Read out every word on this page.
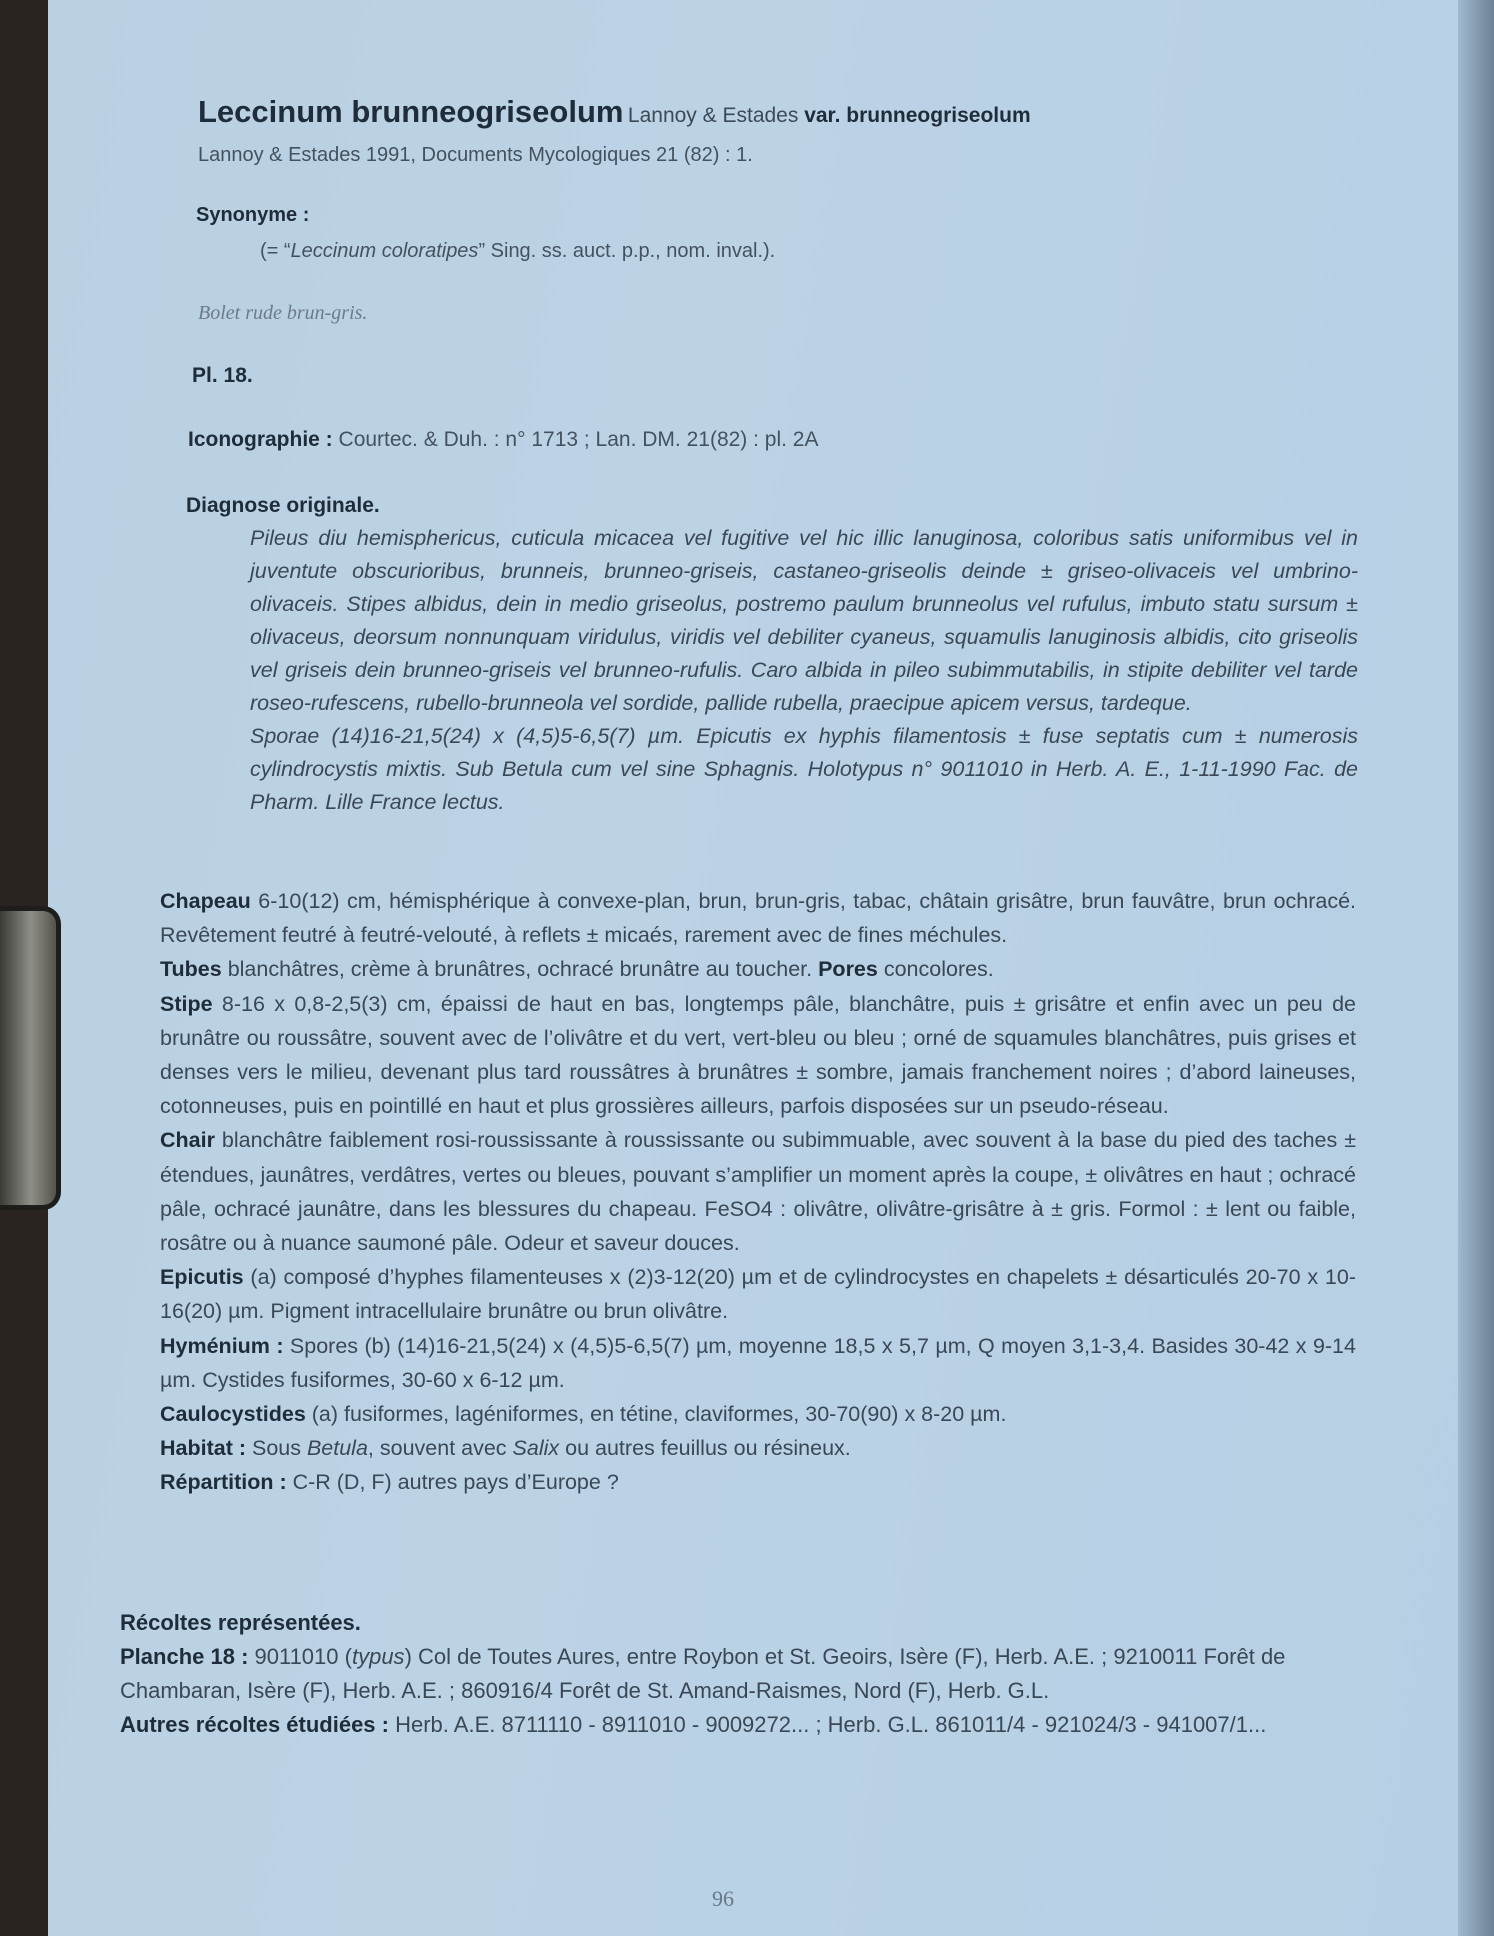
Leccinum brunneogriseolum Lannoy & Estades var. brunneogriseolum
Lannoy & Estades 1991, Documents Mycologiques 21 (82) : 1.
Synonyme :
(= “Leccinum coloratipes” Sing. ss. auct. p.p., nom. inval.).
Bolet rude brun-gris.
Pl. 18.
Iconographie : Courtec. & Duh. : n° 1713 ; Lan. DM. 21(82) : pl. 2A
Diagnose originale.

Pileus diu hemisphericus, cuticula micacea vel fugitive vel hic illic lanuginosa, coloribus satis uniformibus vel in juventute obscurioribus, brunneis, brunneo-griseis, castaneo-griseolis deinde ± griseo-olivaceis vel umbrino-olivaceis. Stipes albidus, dein in medio griseolus, postremo paulum brunneolus vel rufulus, imbuto statu sursum ± olivaceus, deorsum nonnunquam viridulus, viridis vel debiliter cyaneus, squamulis lanuginosis albidis, cito griseolis vel griseis dein brunneo-griseis vel brunneo-rufulis. Caro albida in pileo subimmutabilis, in stipite debiliter vel tarde roseo-rufescens, rubello-brunneola vel sordide, pallide rubella, praecipue apicem versus, tardeque.

Sporae (14)16-21,5(24) x (4,5)5-6,5(7) µm. Epicutis ex hyphis filamentosis ± fuse septatis cum ± numerosis cylindrocystis mixtis. Sub Betula cum vel sine Sphagnis. Holotypus n° 9011010 in Herb. A. E., 1-11-1990 Fac. de Pharm. Lille France lectus.

Chapeau 6-10(12) cm, hémisphérique à convexe-plan, brun, brun-gris, tabac, châtain grisâtre, brun fauvâtre, brun ochracé. Revêtement feutré à feutré-velouté, à reflets ± micaés, rarement avec de fines méchules.

Tubes blanchâtres, crème à brunâtres, ochracé brunâtre au toucher. Pores concolores.

Stipe 8-16 x 0,8-2,5(3) cm, épaissi de haut en bas, longtemps pâle, blanchâtre, puis ± grisâtre et enfin avec un peu de brunâtre ou roussâtre, souvent avec de l’olivâtre et du vert, vert-bleu ou bleu ; orné de squamules blanchâtres, puis grises et denses vers le milieu, devenant plus tard roussâtres à brunâtres ± sombre, jamais franchement noires ; d’abord laineuses, cotonneuses, puis en pointillé en haut et plus grossières ailleurs, parfois disposées sur un pseudo-réseau.

Chair blanchâtre faiblement rosi-roussissante à roussissante ou subimmuable, avec souvent à la base du pied des taches ± étendues, jaunâtres, verdâtres, vertes ou bleues, pouvant s’amplifier un moment après la coupe, ± olivâtres en haut ; ochracé pâle, ochracé jaunâtre, dans les blessures du chapeau. FeSO4 : olivâtre, olivâtre-grisâtre à ± gris. Formol : ± lent ou faible, rosâtre ou à nuance saumoné pâle. Odeur et saveur douces.

Epicutis (a) composé d’hyphes filamenteuses x (2)3-12(20) µm et de cylindrocystes en chapelets ± désarticulés 20-70 x 10-16(20) µm. Pigment intracellulaire brunâtre ou brun olivâtre.

Hyménium : Spores (b) (14)16-21,5(24) x (4,5)5-6,5(7) µm, moyenne 18,5 x 5,7 µm, Q moyen 3,1-3,4. Basides 30-42 x 9-14 µm. Cystides fusiformes, 30-60 x 6-12 µm.

Caulocystides (a) fusiformes, lagéniformes, en tétine, claviformes, 30-70(90) x 8-20 µm.

Habitat : Sous Betula, souvent avec Salix ou autres feuillus ou résineux.

Répartition : C-R (D, F) autres pays d’Europe ?

Récoltes représentées.

Planche 18 : 9011010 (typus) Col de Toutes Aures, entre Roybon et St. Geoirs, Isère (F), Herb. A.E. ; 9210011 Forêt de Chambaran, Isère (F), Herb. A.E. ; 860916/4 Forêt de St. Amand-Raismes, Nord (F), Herb. G.L.

Autres récoltes étudiées : Herb. A.E. 8711110 - 8911010 - 9009272... ; Herb. G.L. 861011/4 - 921024/3 - 941007/1...

96
